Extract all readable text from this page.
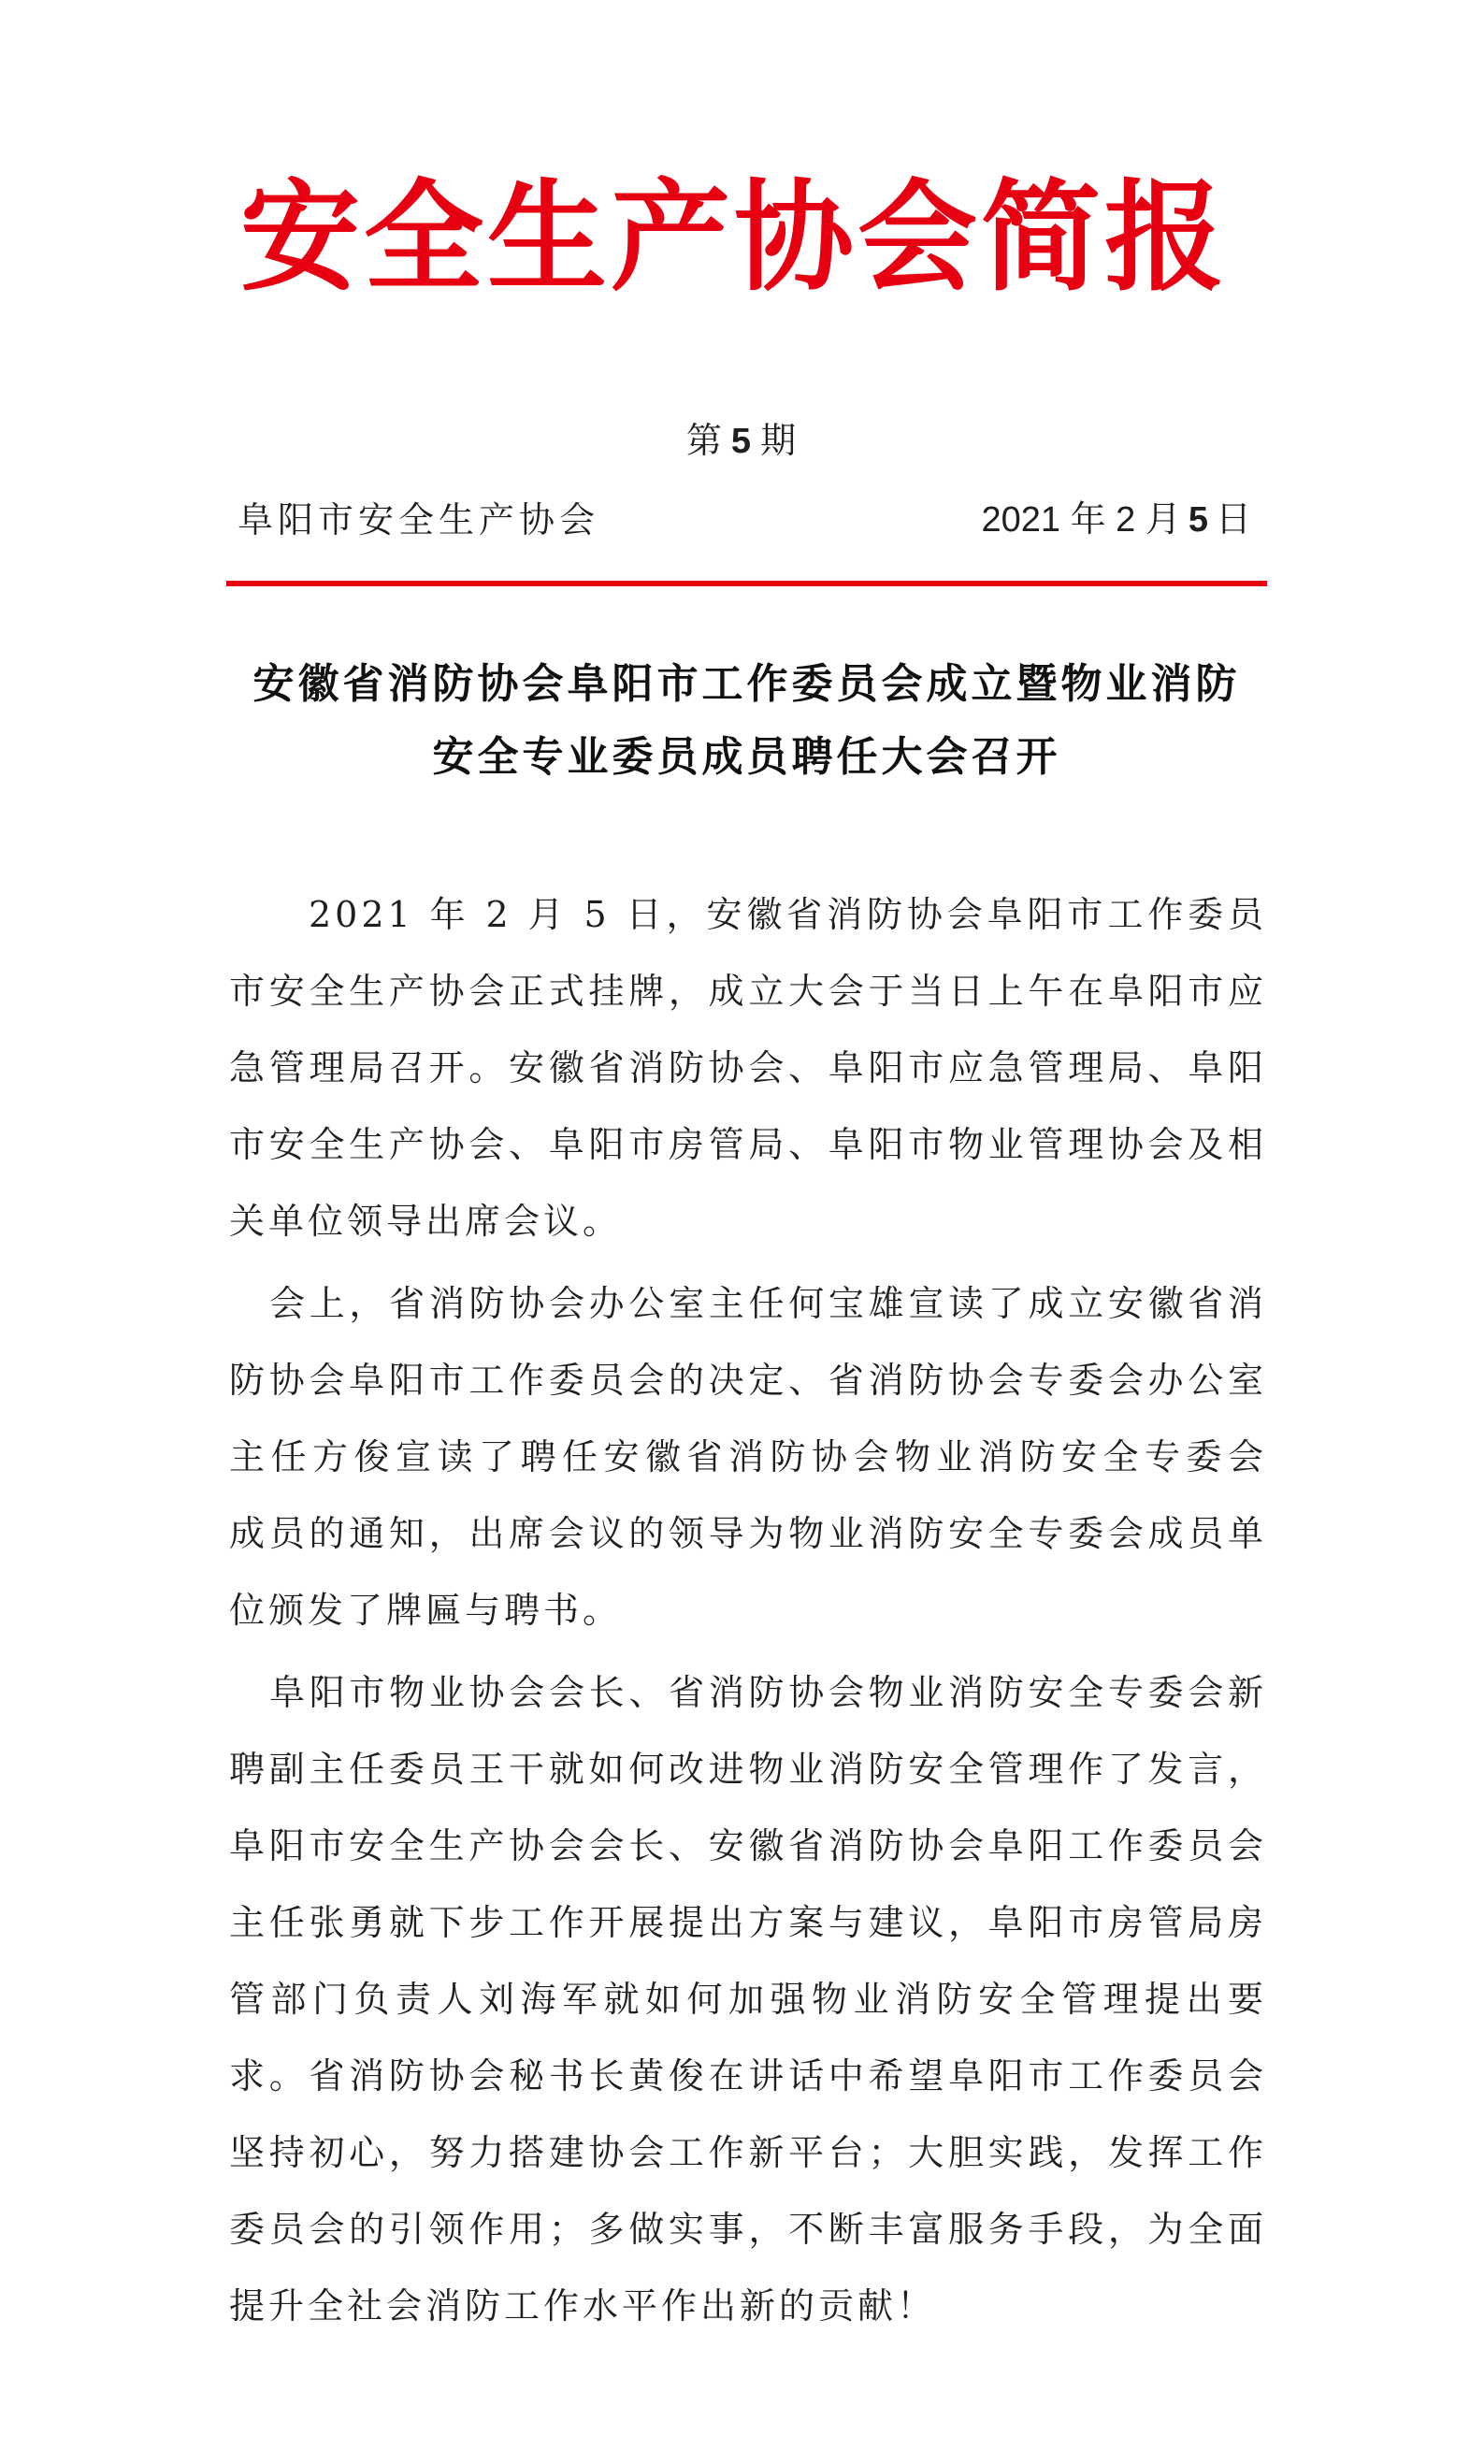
安全生产协会简报
第 5 期
阜阳市安全生产协会	2021 年 2 月 5 日
安徽省消防协会阜阳市工作委员会成立暨物业消防
安全专业委员成员聘任大会召开
2021 年 2 月 5 日，安徽省消防协会阜阳市工作委员
市安全生产协会正式挂牌，成立大会于当日上午在阜阳市应
急管理局召开。安徽省消防协会、阜阳市应急管理局、阜阳
市安全生产协会、阜阳市房管局、阜阳市物业管理协会及相
关单位领导出席会议。
会上，省消防协会办公室主任何宝雄宣读了成立安徽省消
防协会阜阳市工作委员会的决定、省消防协会专委会办公室
主任方俊宣读了聘任安徽省消防协会物业消防安全专委会
成员的通知，出席会议的领导为物业消防安全专委会成员单
位颁发了牌匾与聘书。
阜阳市物业协会会长、省消防协会物业消防安全专委会新
聘副主任委员王干就如何改进物业消防安全管理作了发言，
阜阳市安全生产协会会长、安徽省消防协会阜阳工作委员会
主任张勇就下步工作开展提出方案与建议，阜阳市房管局房
管部门负责人刘海军就如何加强物业消防安全管理提出要
求。省消防协会秘书长黄俊在讲话中希望阜阳市工作委员会
坚持初心，努力搭建协会工作新平台；大胆实践，发挥工作
委员会的引领作用；多做实事，不断丰富服务手段，为全面
提升全社会消防工作水平作出新的贡献！
